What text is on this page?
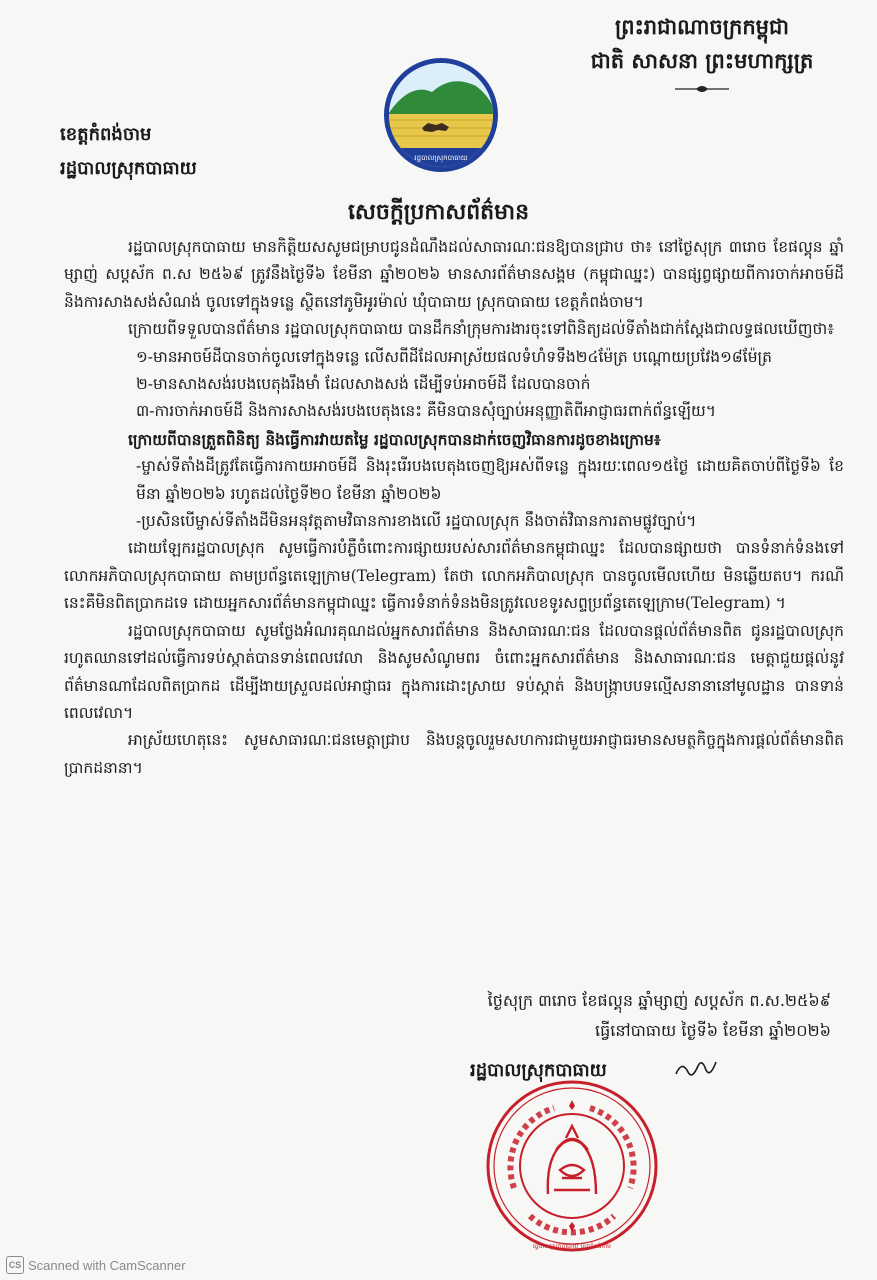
ព្រះរាជាណាចក្រកម្ពុជា
ជាតិ សាសនា ព្រះមហាក្សត្រ
រដ្ឋបាលស្រុកបាធាយ
ខេត្តកំពង់ចាម
រដ្ឋបាលស្រុកបាធាយ
សេចក្តីប្រកាសព័ត៌មាន

រដ្ឋបាលស្រុកបាធាយ មានកិត្តិយសសូមជម្រាបជូនដំណឹងដល់សាធារណៈជនឱ្យបានជ្រាប ថា៖ នៅថ្ងៃសុក្រ ៣រោច ខែផល្គុន ឆ្នាំម្សាញ់ សប្តស័ក ព.ស ២៥៦៩ ត្រូវនឹងថ្ងៃទី៦ ខែមីនា ឆ្នាំ២០២៦ មានសារព័ត៌មានសង្គម (កម្ពុជាឈ្នះ) បានផ្សព្វផ្សាយពីការចាក់អាចម៍ដី និងការសាងសង់សំណង់ ចូលទៅក្នុងទន្លេ ស្ថិតនៅភូមិអូរម៉ាល់ ឃុំបាធាយ ស្រុកបាធាយ ខេត្តកំពង់ចាម។

ក្រោយពីទទួលបានព័ត៌មាន រដ្ឋបាលស្រុកបាធាយ បានដឹកនាំក្រុមការងារចុះទៅពិនិត្យដល់ទីតាំងជាក់ស្តែងជាលទ្ធផលឃើញថា៖

១-មានអាចម៍ដីបានចាក់ចូលទៅក្នុងទន្លេ លើសពីដីដែលអាស្រ័យផលទំហំទទឹង២៤ម៉ែត្រ បណ្តោយប្រវែង១៨ម៉ែត្រ

២-មានសាងសង់របងបេតុងរឹងមាំ ដែលសាងសង់ ដើម្បីទប់អាចម៍ដី ដែលបានចាក់

៣-ការចាក់អាចម៍ដី និងការសាងសង់របងបេតុងនេះ គឺមិនបានសុំច្បាប់អនុញ្ញាតិពីអាជ្ញាធរពាក់ព័ន្ធឡើយ។

ក្រោយពីបានត្រួតពិនិត្យ និងធ្វើការវាយតម្លៃ រដ្ឋបាលស្រុកបានដាក់ចេញវិធានការដូចខាងក្រោម៖

-ម្ចាស់ទីតាំងដីត្រូវតែធ្វើការកាយអាចម៍ដី និងរុះរើរបងបេតុងចេញឱ្យអស់ពីទន្លេ ក្នុងរយៈពេល១៥ថ្ងៃ ដោយគិតចាប់ពីថ្ងៃទី៦ ខែមីនា ឆ្នាំ២០២៦ រហូតដល់ថ្ងៃទី២០ ខែមីនា ឆ្នាំ២០២៦

-ប្រសិនបើម្ចាស់ទីតាំងដីមិនអនុវត្តតាមវិធានការខាងលើ រដ្ឋបាលស្រុក នឹងចាត់វិធានការតាមផ្លូវច្បាប់។

ដោយឡែករដ្ឋបាលស្រុក សូមធ្វើការបំភ្លឺចំពោះការផ្សាយរបស់សារព័ត៌មានកម្ពុជាឈ្នះ ដែលបានផ្សាយថា បានទំនាក់ទំនងទៅលោកអភិបាលស្រុកបាធាយ តាមប្រព័ន្ធតេឡេក្រាម(Telegram) តែថា លោកអភិបាលស្រុក បានចូលមើលហើយ មិនឆ្លើយតប។ ករណីនេះគឺមិនពិតប្រាកដទេ ដោយអ្នកសារព័ត៌មានកម្ពុជាឈ្នះ ធ្វើការទំនាក់ទំនងមិនត្រូវលេខទូរសព្ទប្រព័ន្ធតេឡេក្រាម(Telegram) ។

រដ្ឋបាលស្រុកបាធាយ សូមថ្លែងអំណរគុណដល់អ្នកសារព័ត៌មាន និងសាធារណៈជន ដែលបានផ្តល់ព័ត៌មានពិត ជូនរដ្ឋបាលស្រុក រហូតឈានទៅដល់ធ្វើការទប់ស្កាត់បានទាន់ពេលវេលា និងសូមសំណូមពរ ចំពោះអ្នកសារព័ត៌មាន និងសាធារណៈជន មេត្តាជួយផ្តល់នូវព័ត៌មានណាដែលពិតប្រាកដ ដើម្បីងាយស្រួលដល់អាជ្ញាធរ ក្នុងការដោះស្រាយ ទប់ស្កាត់ និងបង្ក្រាបបទល្មើសនានានៅមូលដ្ឋាន បានទាន់ពេលវេលា។

អាស្រ័យហេតុនេះ សូមសាធារណៈជនមេត្តាជ្រាប និងបន្តចូលរួមសហការជាមួយអាជ្ញាធរមានសមត្ថកិច្ចក្នុងការផ្តល់ព័ត៌មានពិតប្រាកដនានា។

ថ្ងៃសុក្រ ៣រោច ខែផល្គុន ឆ្នាំម្សាញ់ សប្តស័ក ព.ស.២៥៦៩
ធ្វើនៅបាធាយ ថ្ងៃទី៦ ខែមីនា ឆ្នាំ២០២៦
រដ្ឋបាលស្រុកបាធាយ
រដ្ឋបាលស្រុកបាធាយ ខេត្តកំពង់ចាម
CS Scanned with CamScanner
